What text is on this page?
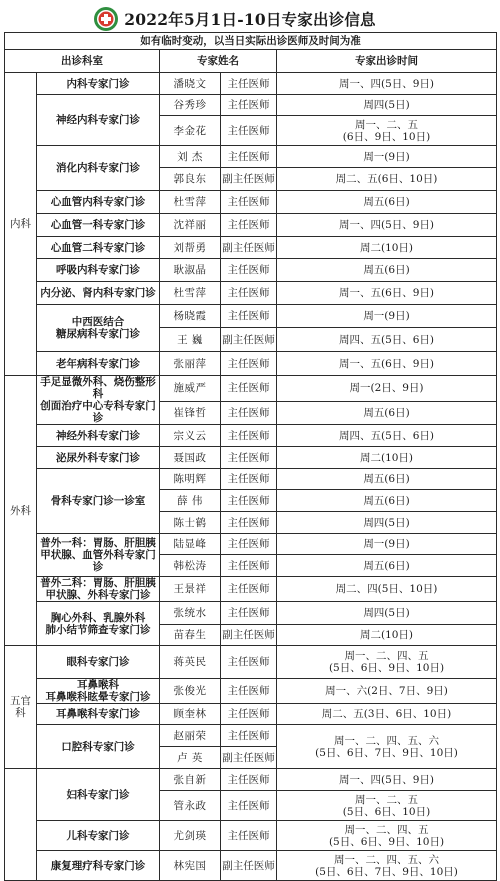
2022年5月1日-10日专家出诊信息
如有临时变动，以当日实际出诊医师及时间为准				
出诊科室		专家姓名		专家出诊时间
内科	内科专家门诊	潘晓文	主任医师	周一、四(5日、9日)

	神经内科专家门诊	谷秀珍	主任医师	周四(5日)

		李金花	主任医师	周一、二、五
(6日、9日、10日)

	消化内科专家门诊	刘 杰	主任医师	周一(9日)

		郭良东	副主任医师	周二、五(6日、10日)

	心血管内科专家门诊	杜雪萍	主任医师	周五(6日)

	心血管一科专家门诊	沈祥丽	主任医师	周一、四(5日、9日)

	心血管二科专家门诊	刘帮勇	副主任医师	周二(10日)

	呼吸内科专家门诊	耿淑晶	主任医师	周五(6日)

	内分泌、肾内科专家门诊	杜雪萍	主任医师	周一、五(6日、9日)

	中西医结合
糖尿病科专家门诊	杨晓霞	主任医师	周一(9日)

		王 巍	副主任医师	周四、五(5日、6日)

	老年病科专家门诊	张丽萍	主任医师	周一、五(6日、9日)

外科	手足显微外科、烧伤整形科
创面治疗中心专科专家门诊	施威严	主任医师	周一(2日、9日)

		崔锋哲	主任医师	周五(6日)

	神经外科专家门诊	宗义云	主任医师	周四、五(5日、6日)

	泌尿外科专家门诊	聂国政	主任医师	周二(10日)

	骨科专家门诊一诊室	陈明辉	主任医师	周五(6日)

		薛 伟	主任医师	周五(6日)

		陈士鹤	主任医师	周四(5日)

	普外一科：胃肠、肝胆胰
甲状腺、血管外科专家门诊	陆显峰	主任医师	周一(9日)

		韩松涛	主任医师	周五(6日)

	普外二科：胃肠、肝胆胰
甲状腺、外科专家门诊	王景祥	主任医师	周二、四(5日、10日)

	胸心外科、乳腺外科
肺小结节筛查专家门诊	张统水	主任医师	周四(5日)

		苗春生	副主任医师	周二(10日)

五官科	眼科专家门诊	蒋英民	主任医师	周一、二、四、五
(5日、6日、9日、10日)

	耳鼻喉科
耳鼻喉科眩晕专家门诊	张俊光	主任医师	周一、六(2日、7日、9日)

	耳鼻喉科专家门诊	顾奎林	主任医师	周二、五(3日、6日、10日)

	口腔科专家门诊	赵丽荣	主任医师	周一、二、四、五、六
(5日、6日、7日、9日、10日)

		卢 英	副主任医师	

	妇科专家门诊	张自新	主任医师	周一、四(5日、9日)

		管永政	主任医师	周一、二、五
(5日、6日、10日)

	儿科专家门诊	尤剑瑛	主任医师	周一、二、四、五
(5日、6日、9日、10日)

	康复理疗科专家门诊	林宪国	副主任医师	周一、二、四、五、六
(5日、6日、7日、9日、10日)
